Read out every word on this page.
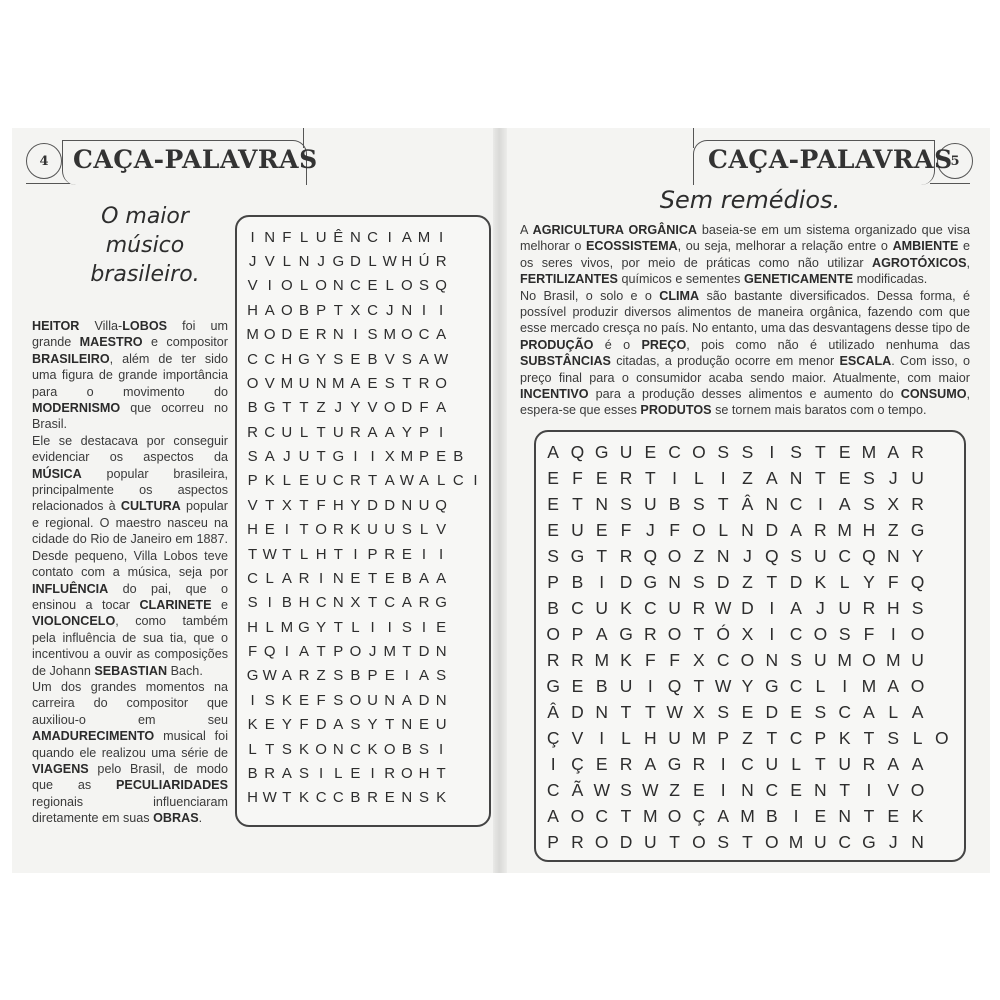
4 CAÇA-PALAVRAS
O maior
músico
brasileiro.
HEITOR Villa-LOBOS foi um grande MAESTRO e compositor BRASILEIRO, além de ter sido uma figura de grande importância para o movimento do MODERNISMO que ocorreu no Brasil.
Ele se destacava por conseguir evidenciar os aspectos da MÚSICA popular brasileira, principalmente os aspectos relacionados à CULTURA popular e regional. O maestro nasceu na cidade do Rio de Janeiro em 1887. Desde pequeno, Villa Lobos teve contato com a música, seja por INFLUÊNCIA do pai, que o ensinou a tocar CLARINETE e VIOLONCELO, como também pela influência de sua tia, que o incentivou a ouvir as composições de Johann SEBASTIAN Bach.
Um dos grandes momentos na carreira do compositor que auxiliou-o em seu AMADURECIMENTO musical foi quando ele realizou uma série de VIAGENS pelo Brasil, de modo que as PECULIARIDADES regionais influenciaram diretamente em suas OBRAS.
I N F L U Ê N C I A M I
J V L N J G D L W H Ú R
V I O L O N C E L O S Q
H A O B P T X C J N I I
M O D E R N I S M O C A
C C H G Y S E B V S A W
O V M U N M A E S T R O
B G T T Z J Y V O D F A
R C U L T U R A A Y P I
S A J U T G I I X M P E B
P K L E U C R T A W A L C I
V T X T F H Y D D N U Q
H E I T O R K U U S L V
T W T L H T I P R E I I
C L A R I N E T E B A A
S I B H C N X T C A R G
H L M G Y T L I I S I E
F Q I A T P O J M T D N
G W A R Z S B P E I A S
I S K E F S O U N A D N
K E Y F D A S Y T N E U
L T S K O N C K O B S I
B R A S I L E I R O H T
H W T K C C B R E N S K
5
CAÇA-PALAVRAS
Sem remédios.
A AGRICULTURA ORGÂNICA baseia-se em um sistema organizado que visa melhorar o ECOSSISTEMA, ou seja, melhorar a relação entre o AMBIENTE e os seres vivos, por meio de práticas como não utilizar AGROTÓXICOS, FERTILIZANTES químicos e sementes GENETICAMENTE modificadas.
No Brasil, o solo e o CLIMA são bastante diversificados. Dessa forma, é possível produzir diversos alimentos de maneira orgânica, fazendo com que esse mercado cresça no país. No entanto, uma das desvantagens desse tipo de PRODUÇÃO é o PREÇO, pois como não é utilizado nenhuma das SUBSTÂNCIAS citadas, a produção ocorre em menor ESCALA. Com isso, o preço final para o consumidor acaba sendo maior. Atualmente, com maior INCENTIVO para a produção desses alimentos e aumento do CONSUMO, espera-se que esses PRODUTOS se tornem mais baratos com o tempo.
A Q G U E C O S S I S T E M A R
E F E R T I L I Z A N T E S J U
E T N S U B S T Â N C I A S X R
E U E F J F O L N D A R M H Z G
S G T R Q O Z N J Q S U C Q N Y
P B I D G N S D Z T D K L Y F Q
B C U K C U R W D I A J U R H S
O P A G R O T Ó X I C O S F I O
R R M K F F X C O N S U M O M U
G E B U I Q T W Y G C L I M A O
Â D N T T W X S E D E S C A L A
Ç V I L H U M P Z T C P K T S L O
I Ç E R A G R I C U L T U R A A
C Ã W S W Z E I N C E N T I V O
A O C T M O Ç A M B I E N T E K
P R O D U T O S T O M U C G J N
